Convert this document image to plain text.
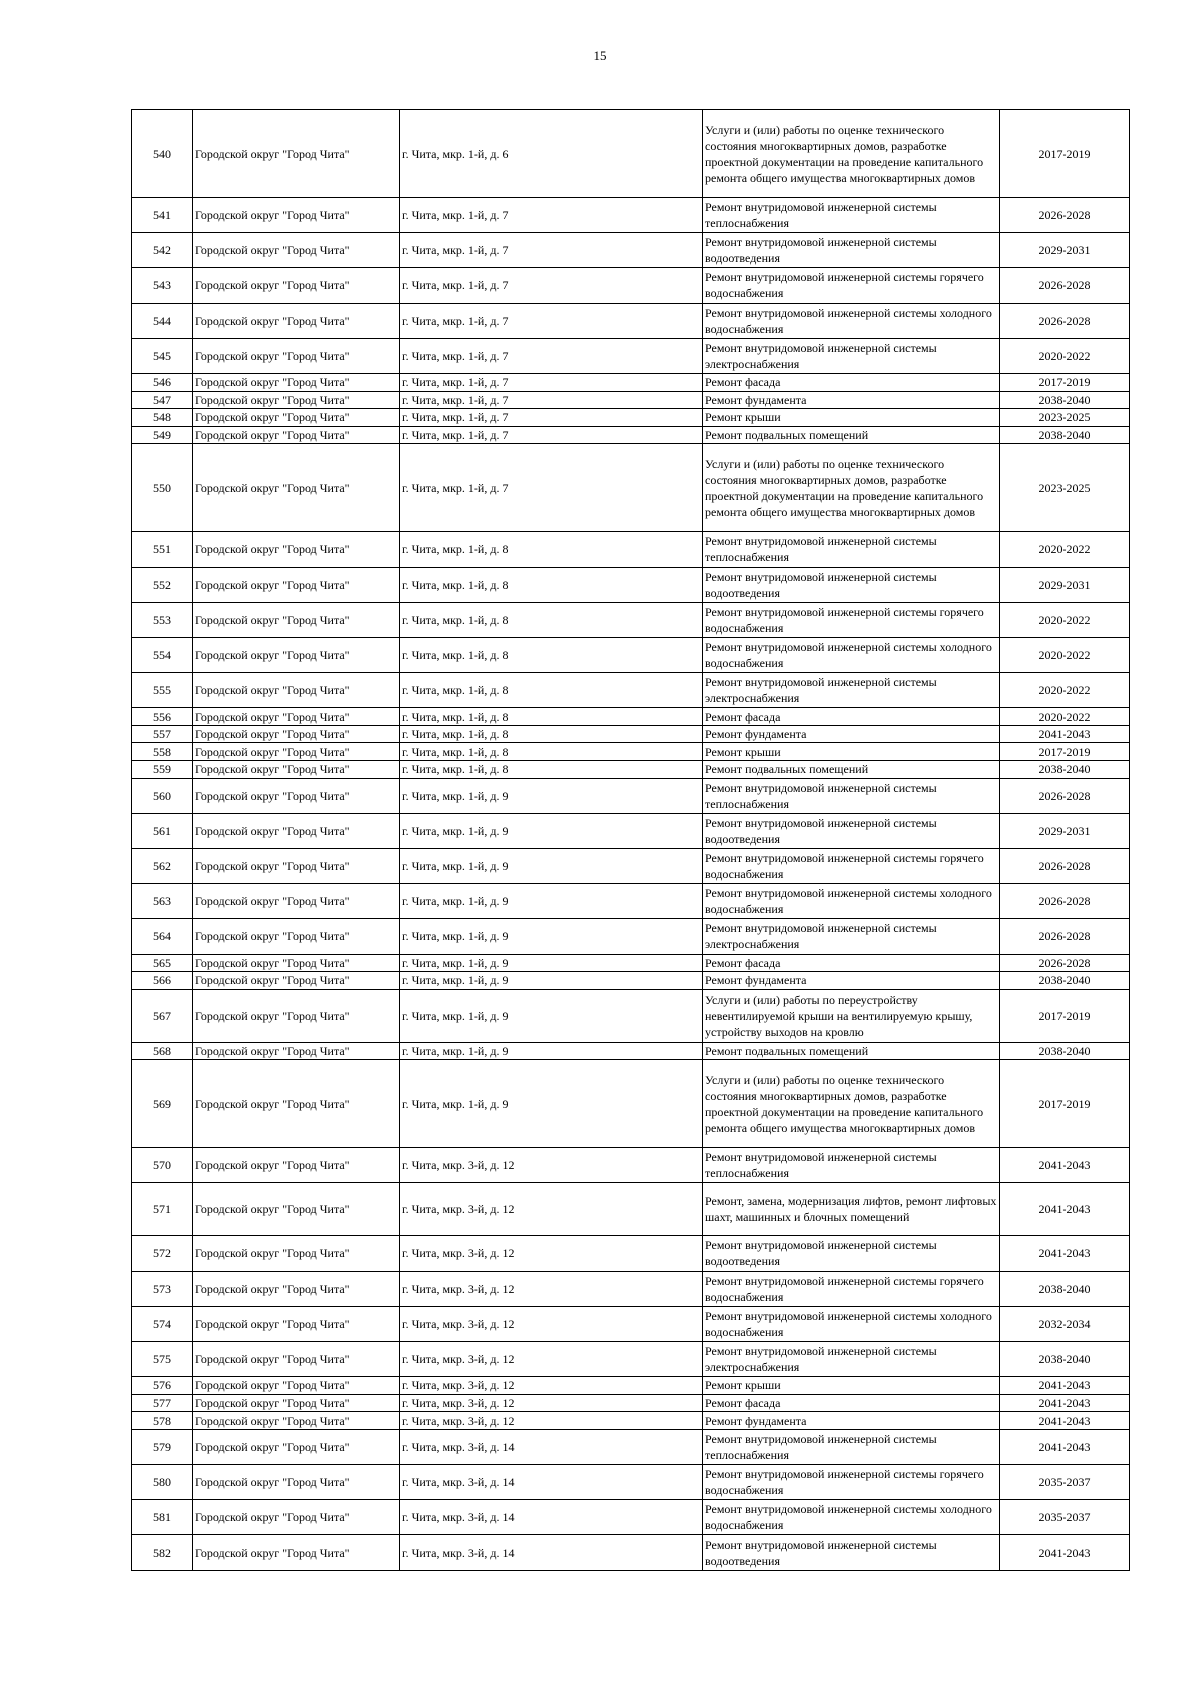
15
540	Городской округ "Город Чита"	г. Чита, мкр. 1-й, д. 6	Услуги и (или) работы по оценке технического состояния многоквартирных домов, разработке проектной документации на проведение капитального ремонта общего имущества многоквартирных домов	2017-2019
541	Городской округ "Город Чита"	г. Чита, мкр. 1-й, д. 7	Ремонт внутридомовой инженерной системы теплоснабжения	2026-2028
542	Городской округ "Город Чита"	г. Чита, мкр. 1-й, д. 7	Ремонт внутридомовой инженерной системы водоотведения	2029-2031
543	Городской округ "Город Чита"	г. Чита, мкр. 1-й, д. 7	Ремонт внутридомовой инженерной системы горячего водоснабжения	2026-2028
544	Городской округ "Город Чита"	г. Чита, мкр. 1-й, д. 7	Ремонт внутридомовой инженерной системы холодного водоснабжения	2026-2028
545	Городской округ "Город Чита"	г. Чита, мкр. 1-й, д. 7	Ремонт внутридомовой инженерной системы электроснабжения	2020-2022
546	Городской округ "Город Чита"	г. Чита, мкр. 1-й, д. 7	Ремонт фасада	2017-2019
547	Городской округ "Город Чита"	г. Чита, мкр. 1-й, д. 7	Ремонт фундамента	2038-2040
548	Городской округ "Город Чита"	г. Чита, мкр. 1-й, д. 7	Ремонт крыши	2023-2025
549	Городской округ "Город Чита"	г. Чита, мкр. 1-й, д. 7	Ремонт подвальных помещений	2038-2040
550	Городской округ "Город Чита"	г. Чита, мкр. 1-й, д. 7	Услуги и (или) работы по оценке технического состояния многоквартирных домов, разработке проектной документации на проведение капитального ремонта общего имущества многоквартирных домов	2023-2025
551	Городской округ "Город Чита"	г. Чита, мкр. 1-й, д. 8	Ремонт внутридомовой инженерной системы теплоснабжения	2020-2022
552	Городской округ "Город Чита"	г. Чита, мкр. 1-й, д. 8	Ремонт внутридомовой инженерной системы водоотведения	2029-2031
553	Городской округ "Город Чита"	г. Чита, мкр. 1-й, д. 8	Ремонт внутридомовой инженерной системы горячего водоснабжения	2020-2022
554	Городской округ "Город Чита"	г. Чита, мкр. 1-й, д. 8	Ремонт внутридомовой инженерной системы холодного водоснабжения	2020-2022
555	Городской округ "Город Чита"	г. Чита, мкр. 1-й, д. 8	Ремонт внутридомовой инженерной системы электроснабжения	2020-2022
556	Городской округ "Город Чита"	г. Чита, мкр. 1-й, д. 8	Ремонт фасада	2020-2022
557	Городской округ "Город Чита"	г. Чита, мкр. 1-й, д. 8	Ремонт фундамента	2041-2043
558	Городской округ "Город Чита"	г. Чита, мкр. 1-й, д. 8	Ремонт крыши	2017-2019
559	Городской округ "Город Чита"	г. Чита, мкр. 1-й, д. 8	Ремонт подвальных помещений	2038-2040
560	Городской округ "Город Чита"	г. Чита, мкр. 1-й, д. 9	Ремонт внутридомовой инженерной системы теплоснабжения	2026-2028
561	Городской округ "Город Чита"	г. Чита, мкр. 1-й, д. 9	Ремонт внутридомовой инженерной системы водоотведения	2029-2031
562	Городской округ "Город Чита"	г. Чита, мкр. 1-й, д. 9	Ремонт внутридомовой инженерной системы горячего водоснабжения	2026-2028
563	Городской округ "Город Чита"	г. Чита, мкр. 1-й, д. 9	Ремонт внутридомовой инженерной системы холодного водоснабжения	2026-2028
564	Городской округ "Город Чита"	г. Чита, мкр. 1-й, д. 9	Ремонт внутридомовой инженерной системы электроснабжения	2026-2028
565	Городской округ "Город Чита"	г. Чита, мкр. 1-й, д. 9	Ремонт фасада	2026-2028
566	Городской округ "Город Чита"	г. Чита, мкр. 1-й, д. 9	Ремонт фундамента	2038-2040
567	Городской округ "Город Чита"	г. Чита, мкр. 1-й, д. 9	Услуги и (или) работы по переустройству невентилируемой крыши на вентилируемую крышу, устройству выходов на кровлю	2017-2019
568	Городской округ "Город Чита"	г. Чита, мкр. 1-й, д. 9	Ремонт подвальных помещений	2038-2040
569	Городской округ "Город Чита"	г. Чита, мкр. 1-й, д. 9	Услуги и (или) работы по оценке технического состояния многоквартирных домов, разработке проектной документации на проведение капитального ремонта общего имущества многоквартирных домов	2017-2019
570	Городской округ "Город Чита"	г. Чита, мкр. 3-й, д. 12	Ремонт внутридомовой инженерной системы теплоснабжения	2041-2043
571	Городской округ "Город Чита"	г. Чита, мкр. 3-й, д. 12	Ремонт, замена, модернизация лифтов, ремонт лифтовых шахт, машинных и блочных помещений	2041-2043
572	Городской округ "Город Чита"	г. Чита, мкр. 3-й, д. 12	Ремонт внутридомовой инженерной системы водоотведения	2041-2043
573	Городской округ "Город Чита"	г. Чита, мкр. 3-й, д. 12	Ремонт внутридомовой инженерной системы горячего водоснабжения	2038-2040
574	Городской округ "Город Чита"	г. Чита, мкр. 3-й, д. 12	Ремонт внутридомовой инженерной системы холодного водоснабжения	2032-2034
575	Городской округ "Город Чита"	г. Чита, мкр. 3-й, д. 12	Ремонт внутридомовой инженерной системы электроснабжения	2038-2040
576	Городской округ "Город Чита"	г. Чита, мкр. 3-й, д. 12	Ремонт крыши	2041-2043
577	Городской округ "Город Чита"	г. Чита, мкр. 3-й, д. 12	Ремонт фасада	2041-2043
578	Городской округ "Город Чита"	г. Чита, мкр. 3-й, д. 12	Ремонт фундамента	2041-2043
579	Городской округ "Город Чита"	г. Чита, мкр. 3-й, д. 14	Ремонт внутридомовой инженерной системы теплоснабжения	2041-2043
580	Городской округ "Город Чита"	г. Чита, мкр. 3-й, д. 14	Ремонт внутридомовой инженерной системы горячего водоснабжения	2035-2037
581	Городской округ "Город Чита"	г. Чита, мкр. 3-й, д. 14	Ремонт внутридомовой инженерной системы холодного водоснабжения	2035-2037
582	Городской округ "Город Чита"	г. Чита, мкр. 3-й, д. 14	Ремонт внутридомовой инженерной системы водоотведения	2041-2043
